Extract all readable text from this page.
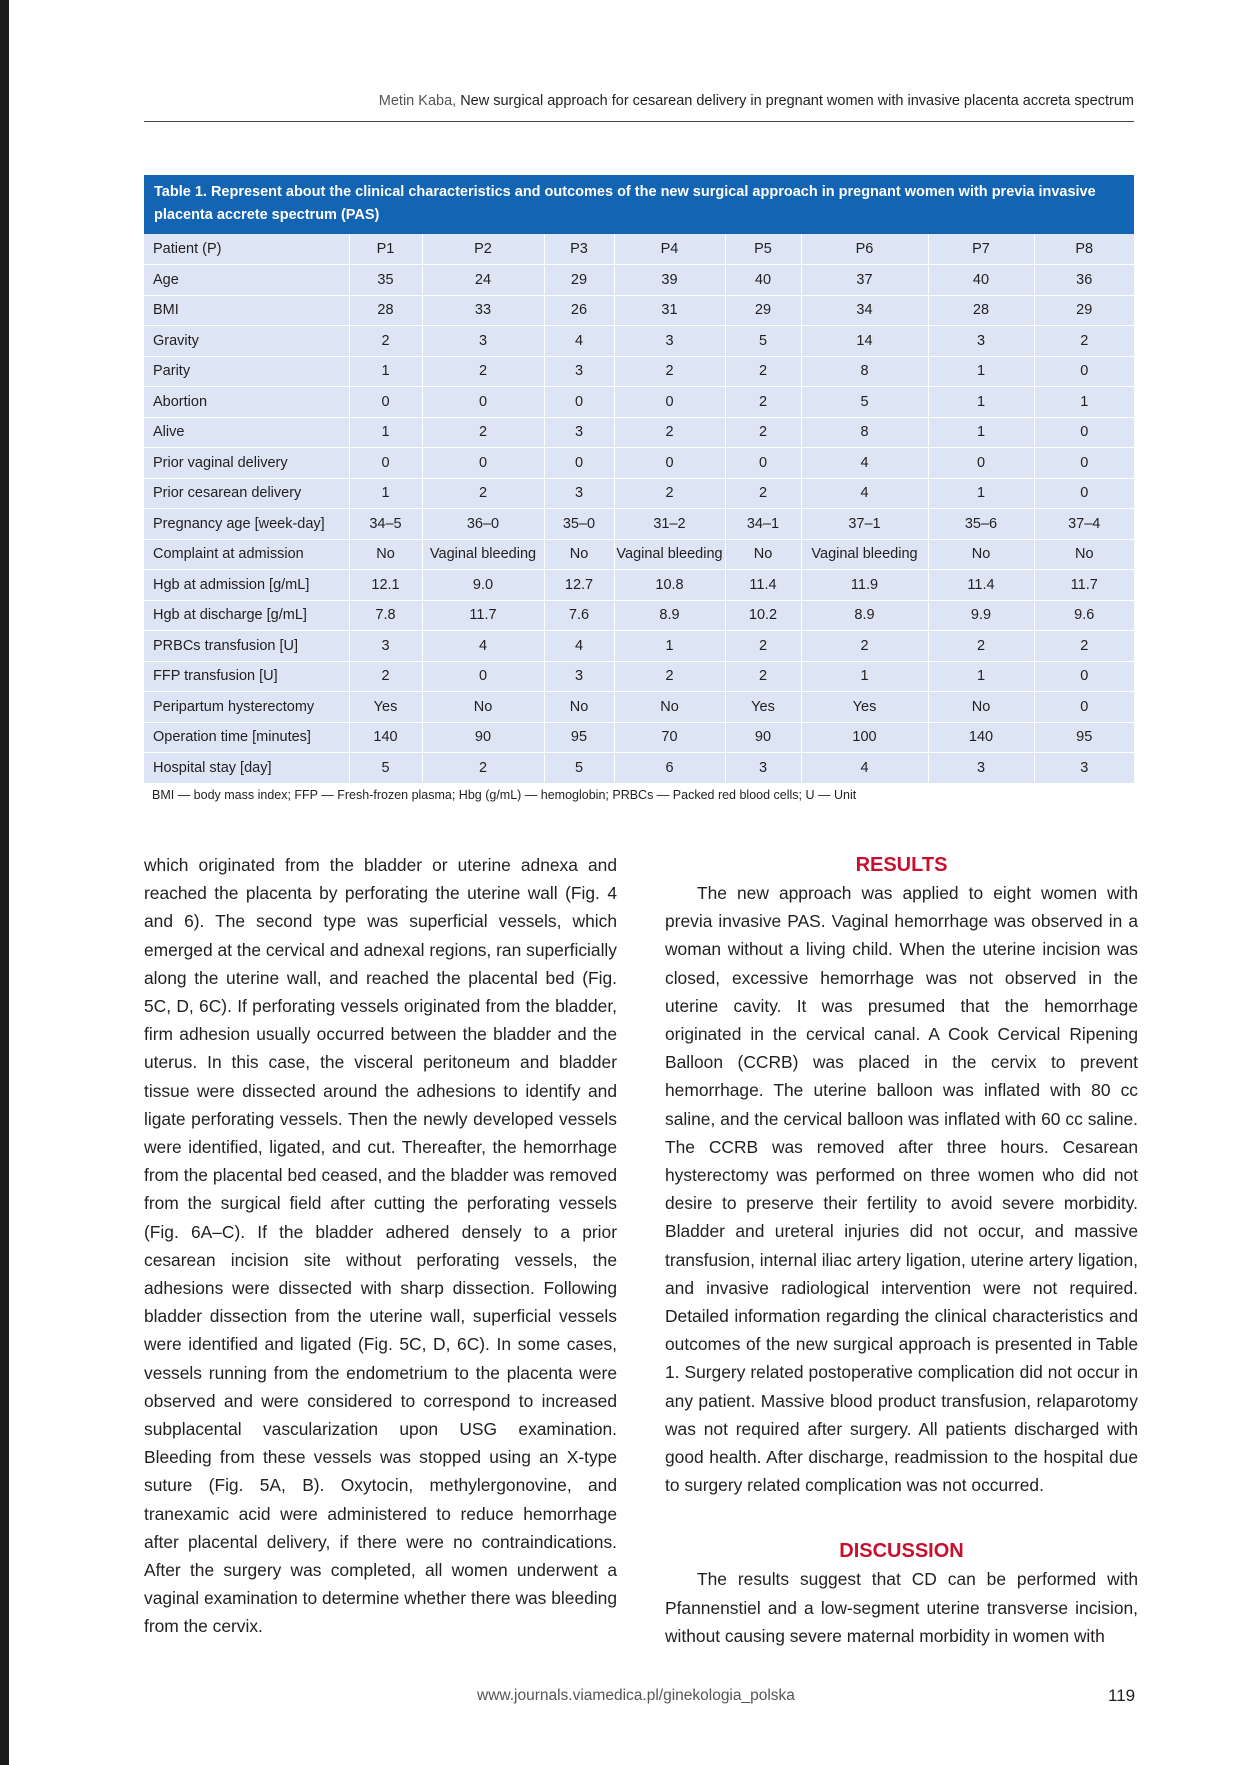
Metin Kaba, New surgical approach for cesarean delivery in pregnant women with invasive placenta accreta spectrum
Table 1. Represent about the clinical characteristics and outcomes of the new surgical approach in pregnant women with previa invasive placenta accrete spectrum (PAS)
Patient (P)	P1	P2	P3	P4	P5	P6	P7	P8
Age	35	24	29	39	40	37	40	36
BMI	28	33	26	31	29	34	28	29
Gravity	2	3	4	3	5	14	3	2
Parity	1	2	3	2	2	8	1	0
Abortion	0	0	0	0	2	5	1	1
Alive	1	2	3	2	2	8	1	0
Prior vaginal delivery	0	0	0	0	0	4	0	0
Prior cesarean delivery	1	2	3	2	2	4	1	0
Pregnancy age [week-day]	34–5	36–0	35–0	31–2	34–1	37–1	35–6	37–4
Complaint at admission	No	Vaginal bleeding	No	Vaginal bleeding	No	Vaginal bleeding	No	No
Hgb at admission [g/mL]	12.1	9.0	12.7	10.8	11.4	11.9	11.4	11.7
Hgb at discharge [g/mL]	7.8	11.7	7.6	8.9	10.2	8.9	9.9	9.6
PRBCs transfusion [U]	3	4	4	1	2	2	2	2
FFP transfusion [U]	2	0	3	2	2	1	1	0
Peripartum hysterectomy	Yes	No	No	No	Yes	Yes	No	0
Operation time [minutes]	140	90	95	70	90	100	140	95
Hospital stay [day]	5	2	5	6	3	4	3	3
BMI — body mass index; FFP — Fresh-frozen plasma; Hbg (g/mL) — hemoglobin; PRBCs — Packed red blood cells; U — Unit

which originated from the bladder or uterine adnexa and reached the placenta by perforating the uterine wall (Fig. 4 and 6). The second type was superficial vessels, which emerged at the cervical and adnexal regions, ran superficially along the uterine wall, and reached the placental bed (Fig. 5C, D, 6C). If perforating vessels originated from the bladder, firm adhesion usually occurred between the bladder and the uterus. In this case, the visceral peritoneum and bladder tissue were dissected around the adhesions to identify and ligate perforating vessels. Then the newly developed vessels were identified, ligated, and cut. Thereafter, the hemorrhage from the placental bed ceased, and the bladder was removed from the surgical field after cutting the perforating vessels (Fig. 6A–C). If the bladder adhered densely to a prior cesarean incision site without perforating vessels, the adhesions were dissected with sharp dissection. Following bladder dissection from the uterine wall, superficial vessels were identified and ligated (Fig. 5C, D, 6C). In some cases, vessels running from the endometrium to the placenta were observed and were considered to correspond to increased subplacental vascularization upon USG examination. Bleeding from these vessels was stopped using an X-type suture (Fig. 5A, B). Oxytocin, methylergonovine, and tranexamic acid were administered to reduce hemorrhage after placental delivery, if there were no contraindications. After the surgery was completed, all women underwent a vaginal examination to determine whether there was bleeding from the cervix.

RESULTS

The new approach was applied to eight women with previa invasive PAS. Vaginal hemorrhage was observed in a woman without a living child. When the uterine incision was closed, excessive hemorrhage was not observed in the uterine cavity. It was presumed that the hemorrhage originated in the cervical canal. A Cook Cervical Ripening Balloon (CCRB) was placed in the cervix to prevent hemorrhage. The uterine balloon was inflated with 80 cc saline, and the cervical balloon was inflated with 60 cc saline. The CCRB was removed after three hours. Cesarean hysterectomy was performed on three women who did not desire to preserve their fertility to avoid severe morbidity. Bladder and ureteral injuries did not occur, and massive transfusion, internal iliac artery ligation, uterine artery ligation, and invasive radiological intervention were not required. Detailed information regarding the clinical characteristics and outcomes of the new surgical approach is presented in Table 1. Surgery related postoperative complication did not occur in any patient. Massive blood product transfusion, relaparotomy was not required after surgery. All patients discharged with good health. After discharge, readmission to the hospital due to surgery related complication was not occurred.

DISCUSSION

The results suggest that CD can be performed with Pfannenstiel and a low-segment uterine transverse incision, without causing severe maternal morbidity in women with

www.journals.viamedica.pl/ginekologia_polska	119
